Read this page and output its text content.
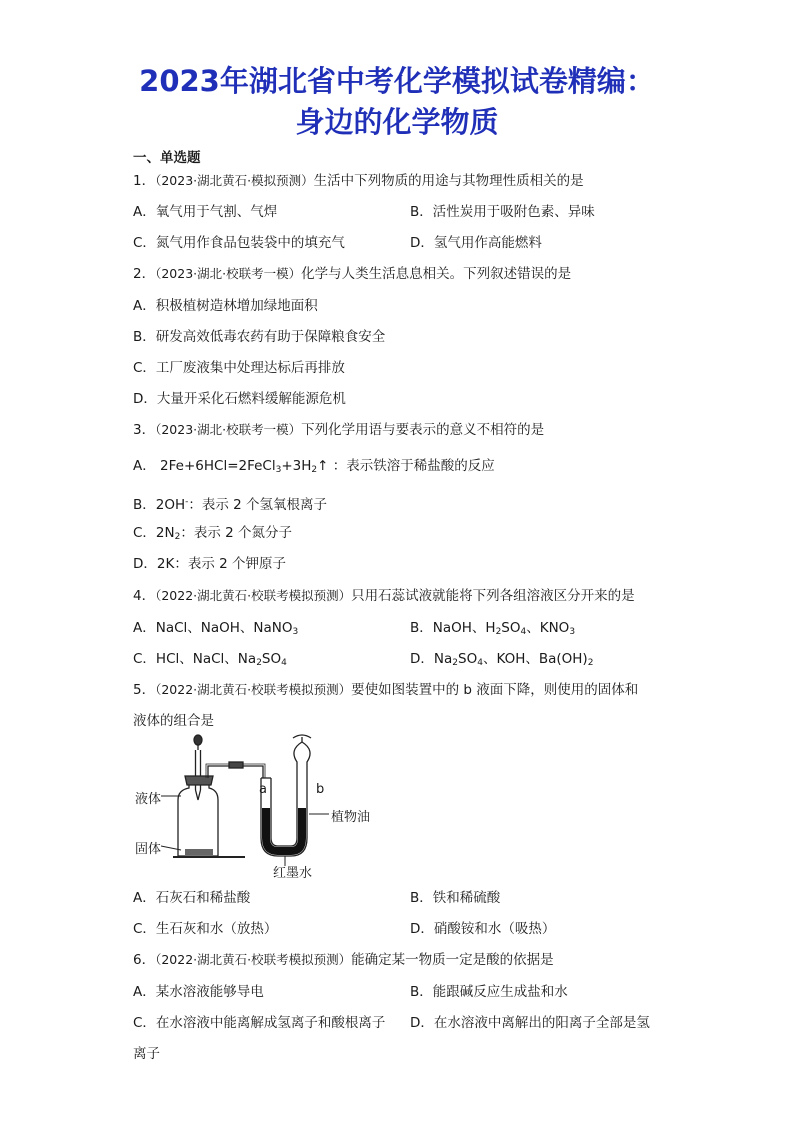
2023年湖北省中考化学模拟试卷精编：
身边的化学物质
一、单选题
1．（2023·湖北黄石·模拟预测）生活中下列物质的用途与其物理性质相关的是
A．氧气用于气割、气焊	B．活性炭用于吸附色素、异味
C．氮气用作食品包装袋中的填充气	D．氢气用作高能燃料
2．（2023·湖北·校联考一模）化学与人类生活息息相关。下列叙述错误的是
A．积极植树造林增加绿地面积
B．研发高效低毒农药有助于保障粮食安全
C．工厂废液集中处理达标后再排放
D．大量开采化石燃料缓解能源危机
3．（2023·湖北·校联考一模）下列化学用语与要表示的意义不相符的是
A． $2Fe+6HCl=2FeCl_3+3H_2↑$ ：表示铁溶于稀盐酸的反应
B．2OH-：表示 2 个氢氧根离子
C．$2N_2$：表示 2 个氮分子
D．2K：表示 2 个钾原子
4．（2022·湖北黄石·校联考模拟预测）只用石蕊试液就能将下列各组溶液区分开来的是
A．NaCl、NaOH、NaNO$_3$	B．NaOH、$H_2SO_4$、$KNO_3$
C．HCl、NaCl、$Na_2SO_4$	D．$Na_2SO_4$、KOH、$Ba(OH)_2$
5．（2022·湖北黄石·校联考模拟预测）要使如图装置中的 b 液面下降，则使用的固体和
液体的组合是
液体
固体
a	b
植物油
红墨水
A．石灰石和稀盐酸	B．铁和稀硫酸
C．生石灰和水（放热）	D．硝酸铵和水（吸热）
6．（2022·湖北黄石·校联考模拟预测）能确定某一物质一定是酸的依据是
A．某水溶液能够导电	B．能跟碱反应生成盐和水
C．在水溶液中能离解成氢离子和酸根离子 D．在水溶液中离解出的阳离子全部是氢
离子
